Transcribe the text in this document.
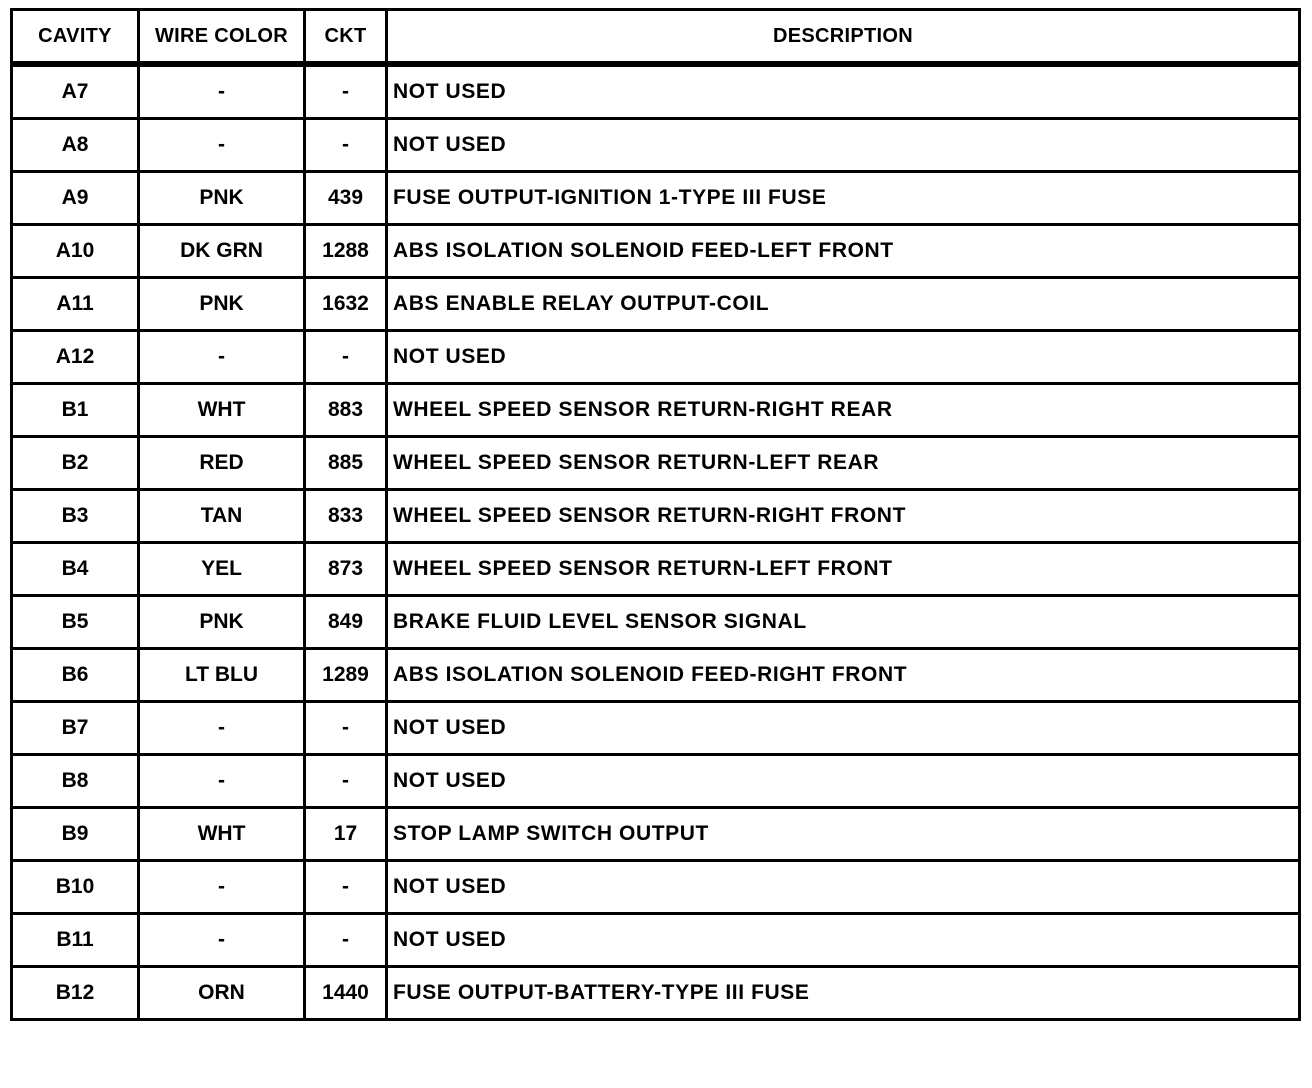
CAVITY	WIRE COLOR	CKT	DESCRIPTION
A7	-	-	NOT USED
A8	-	-	NOT USED
A9	PNK	439	FUSE OUTPUT-IGNITION 1-TYPE III FUSE
A10	DK GRN	1288	ABS ISOLATION SOLENOID FEED-LEFT FRONT
A11	PNK	1632	ABS ENABLE RELAY OUTPUT-COIL
A12	-	-	NOT USED
B1	WHT	883	WHEEL SPEED SENSOR RETURN-RIGHT REAR
B2	RED	885	WHEEL SPEED SENSOR RETURN-LEFT REAR
B3	TAN	833	WHEEL SPEED SENSOR RETURN-RIGHT FRONT
B4	YEL	873	WHEEL SPEED SENSOR RETURN-LEFT FRONT
B5	PNK	849	BRAKE FLUID LEVEL SENSOR SIGNAL
B6	LT BLU	1289	ABS ISOLATION SOLENOID FEED-RIGHT FRONT
B7	-	-	NOT USED
B8	-	-	NOT USED
B9	WHT	17	STOP LAMP SWITCH OUTPUT
B10	-	-	NOT USED
B11	-	-	NOT USED
B12	ORN	1440	FUSE OUTPUT-BATTERY-TYPE III FUSE
